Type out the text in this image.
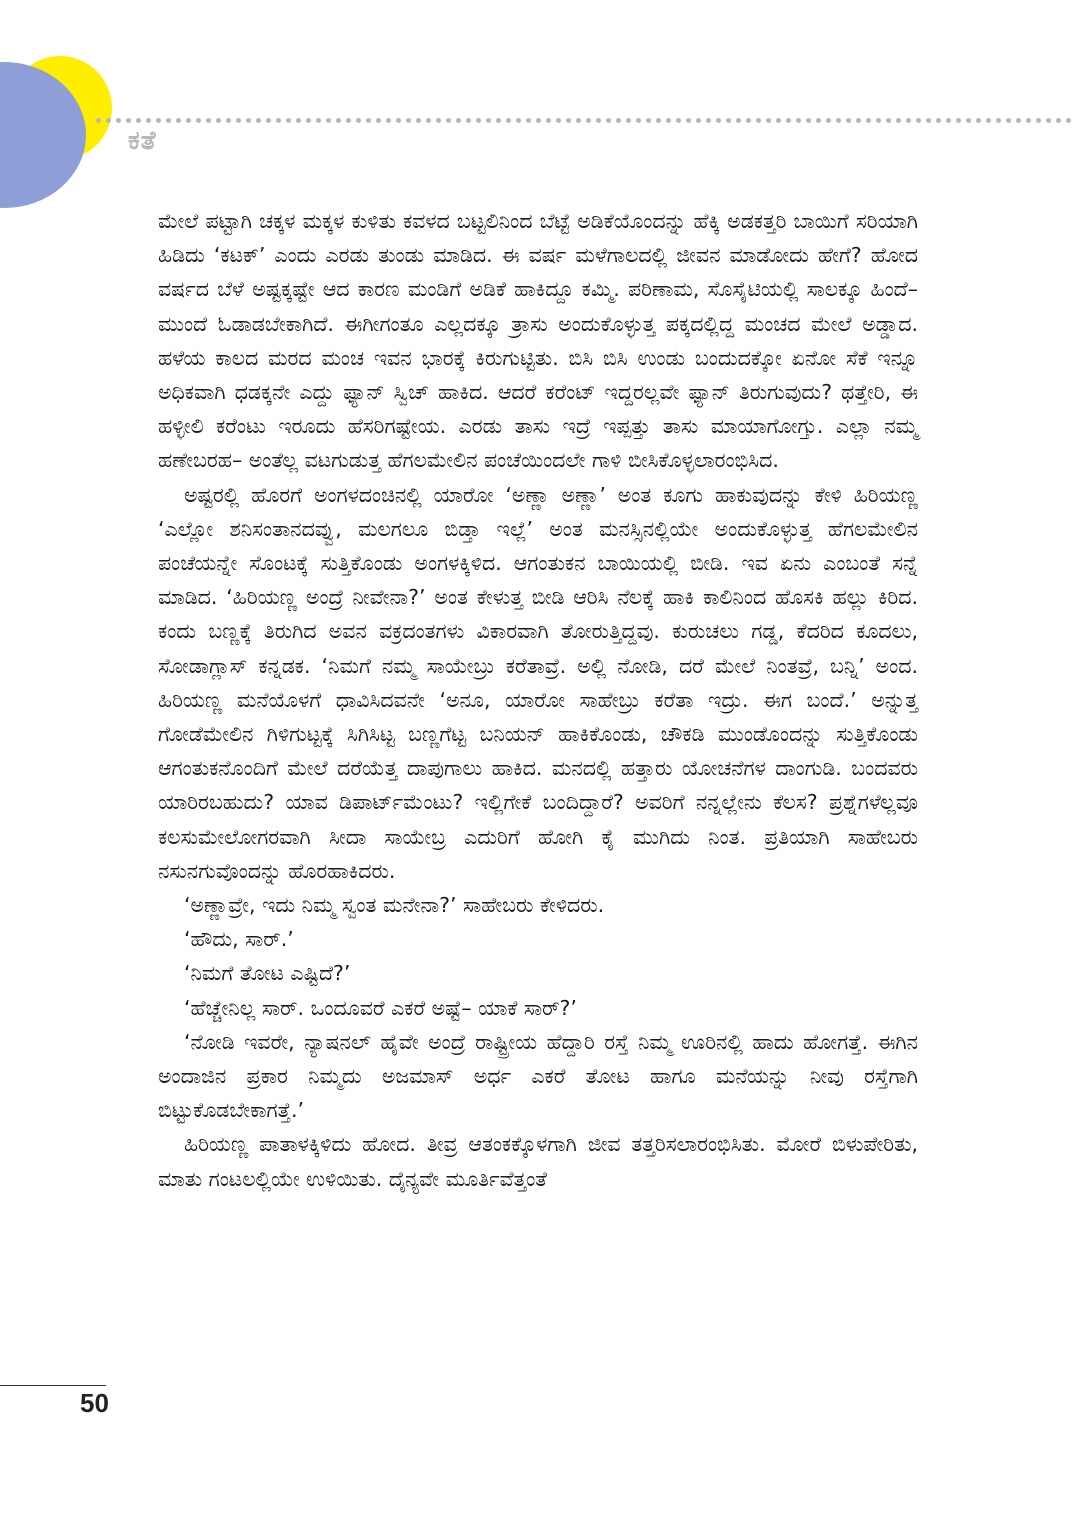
ಕತೆ

ಮೇಲೆ ಪಟ್ಟಾಗಿ ಚಕ್ಕಳ ಮಕ್ಕಳ ಕುಳಿತು ಕವಳದ ಬಟ್ಟಲಿನಿಂದ ಬೆಟ್ಟೆ ಅಡಿಕೆಯೊಂದನ್ನು ಹೆಕ್ಕಿ ಅಡಕತ್ತರಿ ಬಾಯಿಗೆ ಸರಿಯಾಗಿ ಹಿಡಿದು ‘ಕಟಕ್’ ಎಂದು ಎರಡು ತುಂಡು ಮಾಡಿದ. ಈ ವರ್ಷ ಮಳೆಗಾಲದಲ್ಲಿ ಜೀವನ ಮಾಡೋದು ಹೇಗೆ? ಹೋದ ವರ್ಷದ ಬೆಳೆ ಅಷ್ಟಕ್ಕಷ್ಟೇ ಆದ ಕಾರಣ ಮಂಡಿಗೆ ಅಡಿಕೆ ಹಾಕಿದ್ದೂ ಕಮ್ಮಿ. ಪರಿಣಾಮ, ಸೊಸೈಟಿಯಲ್ಲಿ ಸಾಲಕ್ಕೂ ಹಿಂದೆ– ಮುಂದೆ ಓಡಾಡಬೇಕಾಗಿದೆ. ಈಗೀಗಂತೂ ಎಲ್ಲದಕ್ಕೂ ತ್ರಾಸು ಅಂದುಕೊಳ್ಳುತ್ತ ಪಕ್ಕದಲ್ಲಿದ್ದ ಮಂಚದ ಮೇಲೆ ಅಡ್ಡಾದ. ಹಳೆಯ ಕಾಲದ ಮರದ ಮಂಚ ಇವನ ಭಾರಕ್ಕೆ ಕಿರುಗುಟ್ಟಿತು. ಬಿಸಿ ಬಿಸಿ ಉಂಡು ಬಂದುದಕ್ಕೋ ಏನೋ ಸೆಕೆ ಇನ್ನೂ ಅಧಿಕವಾಗಿ ಧಡಕ್ಕನೇ ಎದ್ದು ಫ್ಯಾನ್ ಸ್ವಿಚ್ ಹಾಕಿದ. ಆದರೆ ಕರೆಂಟ್ ಇದ್ದರಲ್ಲವೇ ಫ್ಯಾನ್ ತಿರುಗುವುದು? ಥತ್ತೇರಿ, ಈ ಹಳ್ಳೀಲಿ ಕರೆಂಟು ಇರೂದು ಹೆಸರಿಗಷ್ಟೇಯ. ಎರಡು ತಾಸು ಇದ್ರೆ ಇಪ್ಪತ್ತು ತಾಸು ಮಾಯಾಗೋಗ್ತು. ಎಲ್ಲಾ ನಮ್ಮ ಹಣೇಬರಹ– ಅಂತೆಲ್ಲ ವಟಗುಡುತ್ತ ಹೆಗಲಮೇಲಿನ ಪಂಚೆಯಿಂದಲೇ ಗಾಳಿ ಬೀಸಿಕೊಳ್ಳಲಾರಂಭಿಸಿದ.

ಅಷ್ಟರಲ್ಲಿ ಹೊರಗೆ ಅಂಗಳದಂಚಿನಲ್ಲಿ ಯಾರೋ ‘ಅಣ್ಣಾ ಅಣ್ಣಾ’ ಅಂತ ಕೂಗು ಹಾಕುವುದನ್ನು ಕೇಳಿ ಹಿರಿಯಣ್ಣ ‘ಎಲ್ಲೋ ಶನಿಸಂತಾನದವ್ವು, ಮಲಗಲೂ ಬಿಡ್ತಾ ಇಲ್ಲೆ’ ಅಂತ ಮನಸ್ಸಿನಲ್ಲಿಯೇ ಅಂದುಕೊಳ್ಳುತ್ತ ಹೆಗಲಮೇಲಿನ ಪಂಚೆಯನ್ನೇ ಸೊಂಟಕ್ಕೆ ಸುತ್ತಿಕೊಂಡು ಅಂಗಳಕ್ಕಿಳಿದ. ಆಗಂತುಕನ ಬಾಯಿಯಲ್ಲಿ ಬೀಡಿ. ಇವ ಏನು ಎಂಬಂತೆ ಸನ್ನೆ ಮಾಡಿದ. ‘ಹಿರಿಯಣ್ಣ ಅಂದ್ರೆ ನೀವೇನಾ?’ ಅಂತ ಕೇಳುತ್ತ ಬೀಡಿ ಆರಿಸಿ ನೆಲಕ್ಕೆ ಹಾಕಿ ಕಾಲಿನಿಂದ ಹೊಸಕಿ ಹಲ್ಲು ಕಿರಿದ. ಕಂದು ಬಣ್ಣಕ್ಕೆ ತಿರುಗಿದ ಅವನ ವಕ್ರದಂತಗಳು ವಿಕಾರವಾಗಿ ತೋರುತ್ತಿದ್ದವು. ಕುರುಚಲು ಗಡ್ಡ, ಕೆದರಿದ ಕೂದಲು, ಸೋಡಾಗ್ಲಾಸ್ ಕನ್ನಡಕ. ‘ನಿಮಗೆ ನಮ್ಮ ಸಾಯೇಬ್ರು ಕರೆತಾವ್ರೆ. ಅಲ್ಲಿ ನೋಡಿ, ದರೆ ಮೇಲೆ ನಿಂತವ್ರೆ, ಬನ್ನಿ’ ಅಂದ. ಹಿರಿಯಣ್ಣ ಮನೆಯೊಳಗೆ ಧಾವಿಸಿದವನೇ ‘ಅನೂ, ಯಾರೋ ಸಾಹೇಬ್ರು ಕರೆತಾ ಇದ್ರು. ಈಗ ಬಂದೆ.’ ಅನ್ನುತ್ತ ಗೋಡೆಮೇಲಿನ ಗಿಳಿಗುಟ್ಟಕ್ಕೆ ಸಿಗಿಸಿಟ್ಟ ಬಣ್ಣಗೆಟ್ಟ ಬನಿಯನ್ ಹಾಕಿಕೊಂಡು, ಚೌಕಡಿ ಮುಂಡೊಂದನ್ನು ಸುತ್ತಿಕೊಂಡು ಆಗಂತುಕನೊಂದಿಗೆ ಮೇಲೆ ದರೆಯೆತ್ತ ದಾಪುಗಾಲು ಹಾಕಿದ. ಮನದಲ್ಲಿ ಹತ್ತಾರು ಯೋಚನೆಗಳ ದಾಂಗುಡಿ. ಬಂದವರು ಯಾರಿರಬಹುದು? ಯಾವ ಡಿಪಾರ್ಟ್‌ಮೆಂಟು? ಇಲ್ಲಿಗೇಕೆ ಬಂದಿದ್ದಾರೆ? ಅವರಿಗೆ ನನ್ನಲ್ಲೇನು ಕೆಲಸ? ಪ್ರಶ್ನೆಗಳೆಲ್ಲವೂ ಕಲಸುಮೇಲೋಗರವಾಗಿ ಸೀದಾ ಸಾಯೇಬ್ರ ಎದುರಿಗೆ ಹೋಗಿ ಕೈ ಮುಗಿದು ನಿಂತ. ಪ್ರತಿಯಾಗಿ ಸಾಹೇಬರು ನಸುನಗುವೊಂದನ್ನು ಹೊರಹಾಕಿದರು.

‘ಅಣ್ಣಾವ್ರೇ, ಇದು ನಿಮ್ಮ ಸ್ವಂತ ಮನೇನಾ?’ ಸಾಹೇಬರು ಕೇಳಿದರು.

‘ಹೌದು, ಸಾರ್.’

‘ನಿಮಗೆ ತೋಟ ಎಷ್ಟಿದೆ?’

‘ಹೆಚ್ಚೇನಿಲ್ಲ ಸಾರ್. ಒಂದೂವರೆ ಎಕರೆ ಅಷ್ಟೆ– ಯಾಕೆ ಸಾರ್?’

‘ನೋಡಿ ಇವರೇ, ನ್ಯಾಷನಲ್ ಹೈವೇ ಅಂದ್ರೆ ರಾಷ್ಟ್ರೀಯ ಹೆದ್ದಾರಿ ರಸ್ತೆ ನಿಮ್ಮ ಊರಿನಲ್ಲಿ ಹಾದು ಹೋಗತ್ತೆ. ಈಗಿನ ಅಂದಾಜಿನ ಪ್ರಕಾರ ನಿಮ್ಮದು ಅಜಮಾಸ್ ಅರ್ಧ ಎಕರೆ ತೋಟ ಹಾಗೂ ಮನೆಯನ್ನು ನೀವು ರಸ್ತೆಗಾಗಿ ಬಿಟ್ಟುಕೊಡಬೇಕಾಗತ್ತೆ.’

ಹಿರಿಯಣ್ಣ ಪಾತಾಳಕ್ಕಿಳಿದು ಹೋದ. ತೀವ್ರ ಆತಂಕಕ್ಕೊಳಗಾಗಿ ಜೀವ ತತ್ತರಿಸಲಾರಂಭಿಸಿತು. ಮೋರೆ ಬಿಳುಪೇರಿತು, ಮಾತು ಗಂಟಲಲ್ಲಿಯೇ ಉಳಿಯಿತು. ದೈನ್ಯವೇ ಮೂರ್ತಿವೆತ್ತಂತೆ

50
